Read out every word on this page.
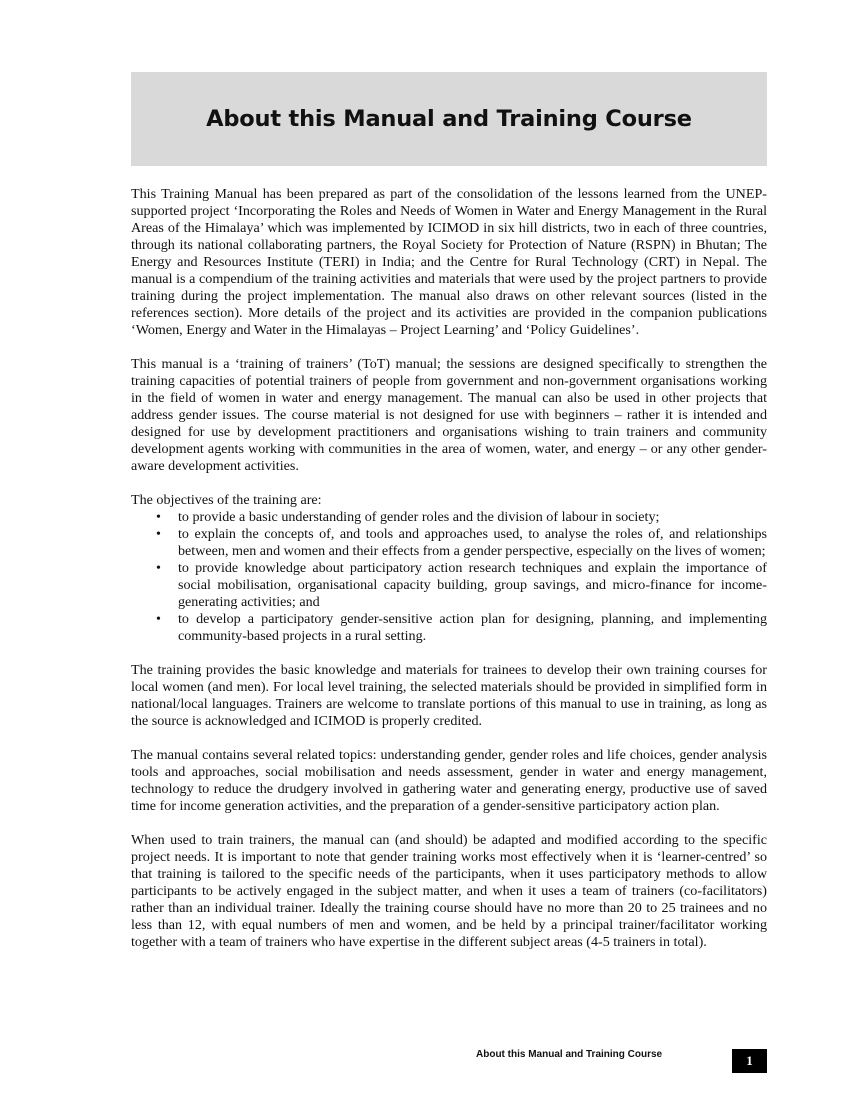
About this Manual and Training Course

This Training Manual has been prepared as part of the consolidation of the lessons learned from the UNEP-supported project ‘Incorporating the Roles and Needs of Women in Water and Energy Management in the Rural Areas of the Himalaya’ which was implemented by ICIMOD in six hill districts, two in each of three countries, through its national collaborating partners, the Royal Society for Protection of Nature (RSPN) in Bhutan; The Energy and Resources Institute (TERI) in India; and the Centre for Rural Technology (CRT) in Nepal. The manual is a compendium of the training activities and materials that were used by the project partners to provide training during the project implementation. The manual also draws on other relevant sources (listed in the references section). More details of the project and its activities are provided in the companion publications ‘Women, Energy and Water in the Himalayas – Project Learning’ and ‘Policy Guidelines’.

This manual is a ‘training of trainers’ (ToT) manual; the sessions are designed specifically to strengthen the training capacities of potential trainers of people from government and non-government organisations working in the field of women in water and energy management. The manual can also be used in other projects that address gender issues. The course material is not designed for use with beginners – rather it is intended and designed for use by development practitioners and organisations wishing to train trainers and community development agents working with communities in the area of women, water, and energy – or any other gender-aware development activities.

The objectives of the training are:

• to provide a basic understanding of gender roles and the division of labour in society;
• to explain the concepts of, and tools and approaches used, to analyse the roles of, and relationships between, men and women and their effects from a gender perspective, especially on the lives of women;
• to provide knowledge about participatory action research techniques and explain the importance of social mobilisation, organisational capacity building, group savings, and micro-finance for income-generating activities; and
• to develop a participatory gender-sensitive action plan for designing, planning, and implementing community-based projects in a rural setting.

The training provides the basic knowledge and materials for trainees to develop their own training courses for local women (and men). For local level training, the selected materials should be provided in simplified form in national/local languages. Trainers are welcome to translate portions of this manual to use in training, as long as the source is acknowledged and ICIMOD is properly credited.

The manual contains several related topics: understanding gender, gender roles and life choices, gender analysis tools and approaches, social mobilisation and needs assessment, gender in water and energy management, technology to reduce the drudgery involved in gathering water and generating energy, productive use of saved time for income generation activities, and the preparation of a gender-sensitive participatory action plan.

When used to train trainers, the manual can (and should) be adapted and modified according to the specific project needs. It is important to note that gender training works most effectively when it is ‘learner-centred’ so that training is tailored to the specific needs of the participants, when it uses participatory methods to allow participants to be actively engaged in the subject matter, and when it uses a team of trainers (co-facilitators) rather than an individual trainer. Ideally the training course should have no more than 20 to 25 trainees and no less than 12, with equal numbers of men and women, and be held by a principal trainer/facilitator working together with a team of trainers who have expertise in the different subject areas (4-5 trainers in total).

About this Manual and Training Course	1
